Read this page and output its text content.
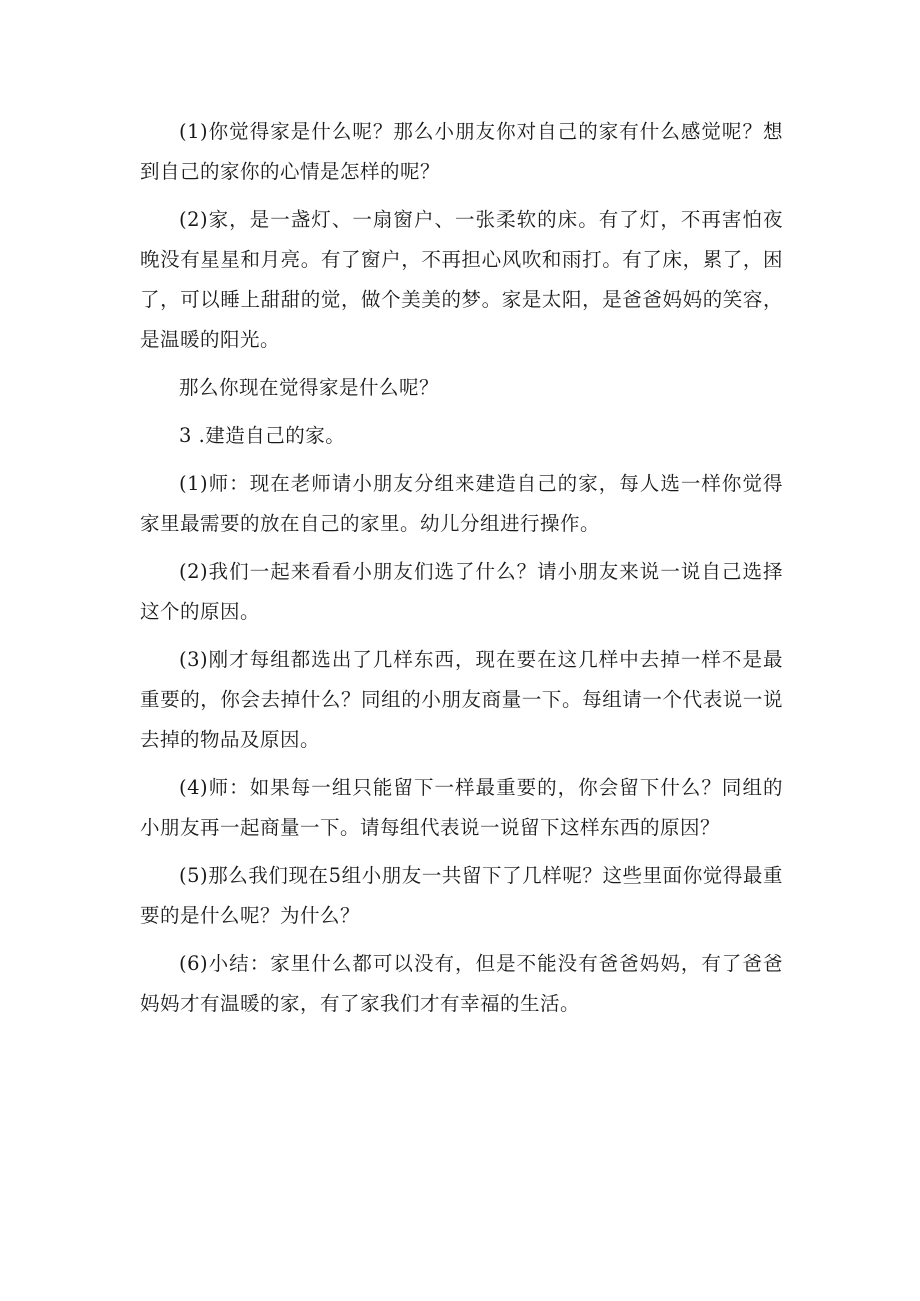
(1)你觉得家是什么呢？那么小朋友你对自己的家有什么感觉呢？想到自己的家你的心情是怎样的呢？

(2)家，是一盏灯、一扇窗户、一张柔软的床。有了灯，不再害怕夜晚没有星星和月亮。有了窗户，不再担心风吹和雨打。有了床，累了，困了，可以睡上甜甜的觉，做个美美的梦。家是太阳，是爸爸妈妈的笑容，是温暖的阳光。

那么你现在觉得家是什么呢？

3 .建造自己的家。

(1)师：现在老师请小朋友分组来建造自己的家，每人选一样你觉得家里最需要的放在自己的家里。幼儿分组进行操作。

(2)我们一起来看看小朋友们选了什么？请小朋友来说一说自己选择这个的原因。

(3)刚才每组都选出了几样东西，现在要在这几样中去掉一样不是最重要的，你会去掉什么？同组的小朋友商量一下。每组请一个代表说一说去掉的物品及原因。

(4)师：如果每一组只能留下一样最重要的，你会留下什么？同组的小朋友再一起商量一下。请每组代表说一说留下这样东西的原因？

(5)那么我们现在5组小朋友一共留下了几样呢？这些里面你觉得最重要的是什么呢？为什么？

(6)小结：家里什么都可以没有，但是不能没有爸爸妈妈，有了爸爸妈妈才有温暖的家，有了家我们才有幸福的生活。
